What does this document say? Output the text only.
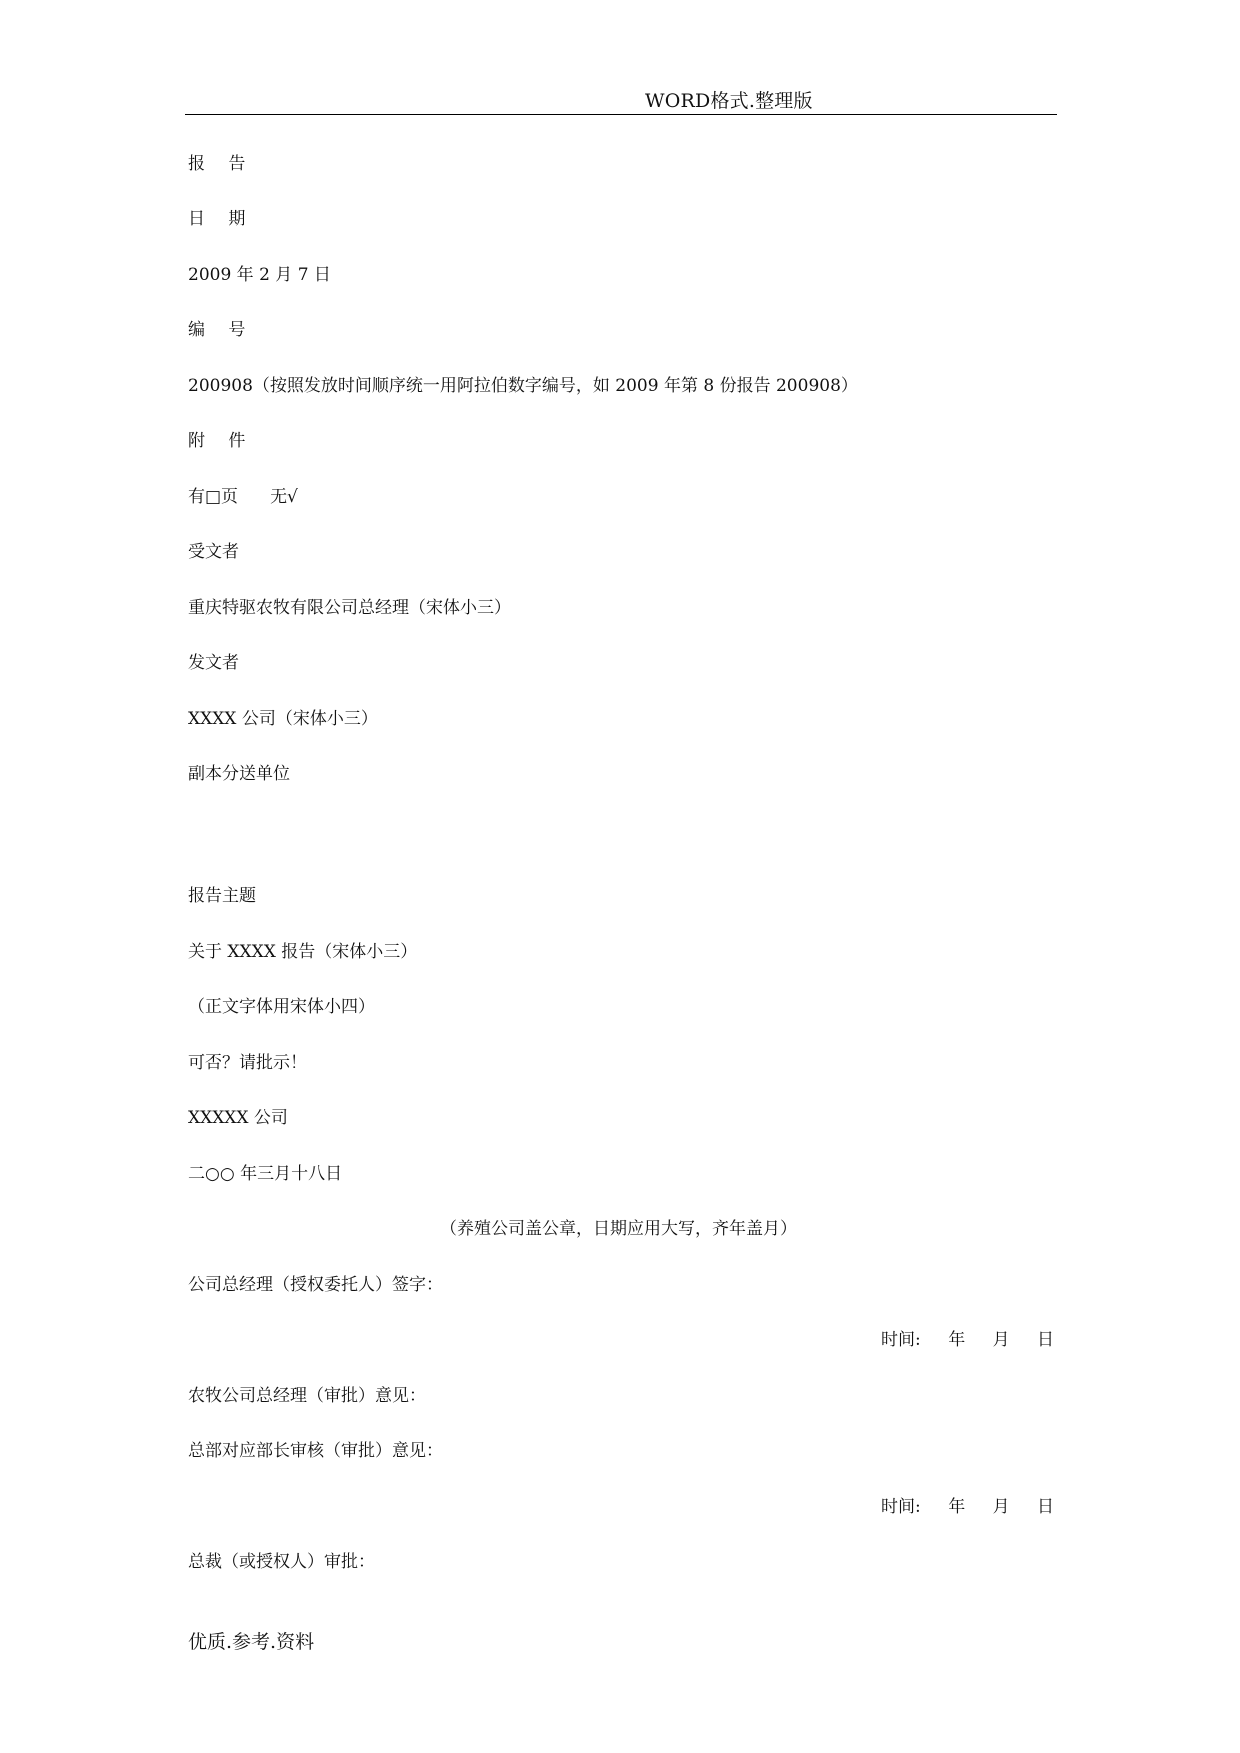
WORD格式.整理版
报 告
日 期
2009 年 2 月 7 日
编 号
200908（按照发放时间顺序统一用阿拉伯数字编号，如 2009 年第 8 份报告 200908）
附 件
有□页 无√
受文者
重庆特驱农牧有限公司总经理（宋体小三）
发文者
XXXX 公司（宋体小三）
副本分送单位
报告主题
关于 XXXX 报告（宋体小三）
（正文字体用宋体小四）
可否？请批示！
XXXXX 公司
二○○ 年三月十八日
（养殖公司盖公章，日期应用大写，齐年盖月）
公司总经理（授权委托人）签字：
时间: 年 月 日
农牧公司总经理（审批）意见：
总部对应部长审核（审批）意见：
时间: 年 月 日
总裁（或授权人）审批：
优质.参考.资料
